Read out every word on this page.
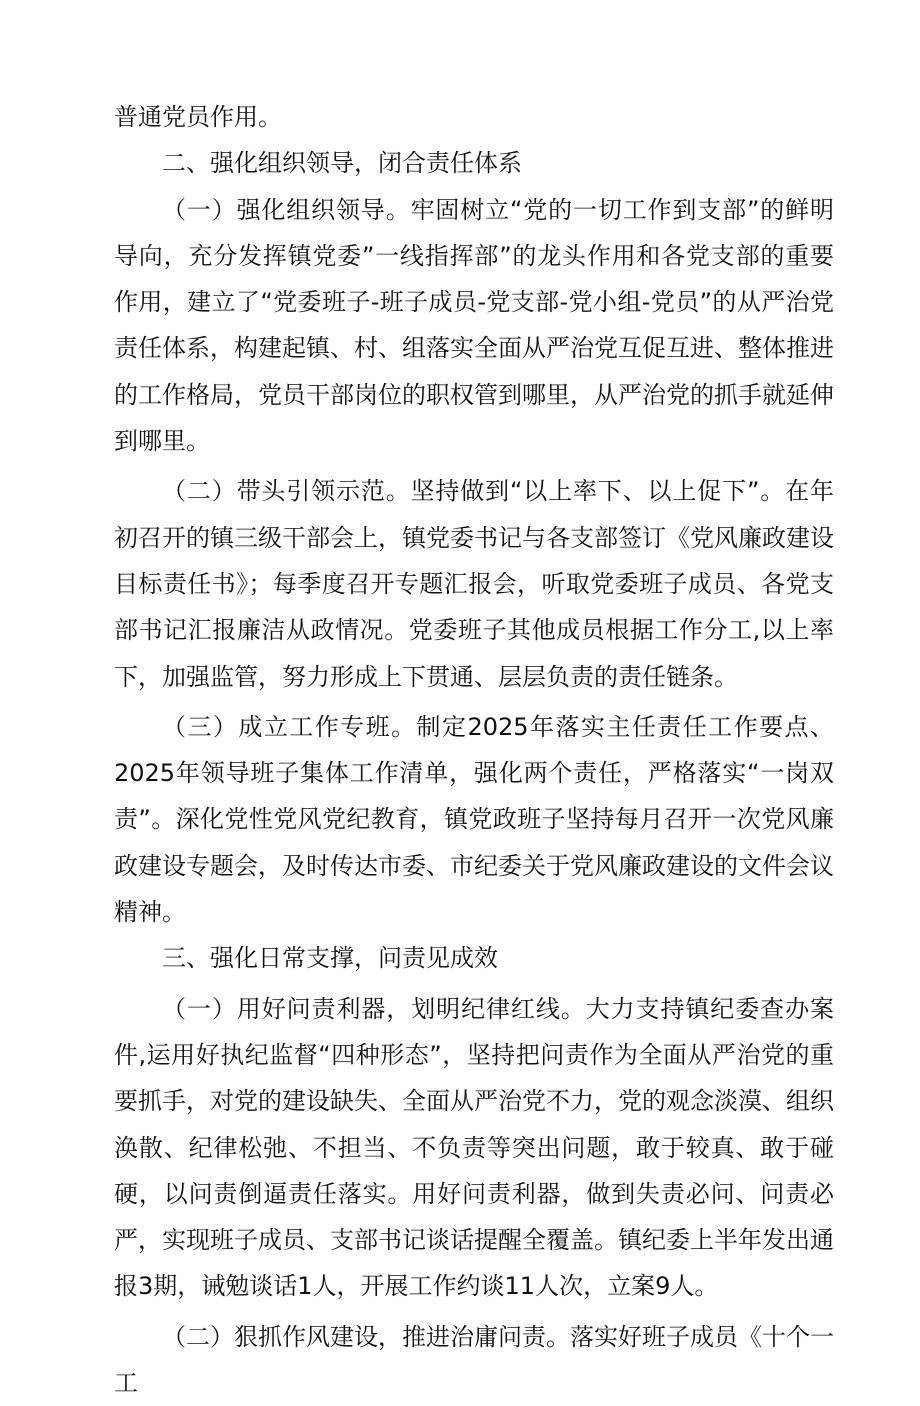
普通党员作用。

二、强化组织领导，闭合责任体系

（一）强化组织领导。牢固树立“党的一切工作到支部”的鲜明导向，充分发挥镇党委”一线指挥部”的龙头作用和各党支部的重要作用，建立了“党委班子-班子成员-党支部-党小组-党员”的从严治党责任体系，构建起镇、村、组落实全面从严治党互促互进、整体推进的工作格局，党员干部岗位的职权管到哪里，从严治党的抓手就延伸到哪里。

（二）带头引领示范。坚持做到“以上率下、以上促下”。在年初召开的镇三级干部会上，镇党委书记与各支部签订《党风廉政建设目标责任书》；每季度召开专题汇报会，听取党委班子成员、各党支部书记汇报廉洁从政情况。党委班子其他成员根据工作分工,以上率下，加强监管，努力形成上下贯通、层层负责的责任链条。

（三）成立工作专班。制定2025年落实主任责任工作要点、2025年领导班子集体工作清单，强化两个责任，严格落实“一岗双责”。深化党性党风党纪教育，镇党政班子坚持每月召开一次党风廉政建设专题会，及时传达市委、市纪委关于党风廉政建设的文件会议精神。

三、强化日常支撑，问责见成效

（一）用好问责利器，划明纪律红线。大力支持镇纪委查办案件,运用好执纪监督“四种形态”，坚持把问责作为全面从严治党的重要抓手，对党的建设缺失、全面从严治党不力，党的观念淡漠、组织涣散、纪律松弛、不担当、不负责等突出问题，敢于较真、敢于碰硬，以问责倒逼责任落实。用好问责利器，做到失责必问、问责必严，实现班子成员、支部书记谈话提醒全覆盖。镇纪委上半年发出通报3期，诫勉谈话1人，开展工作约谈11人次，立案9人。

（二）狠抓作风建设，推进治庸问责。落实好班子成员《十个一工
